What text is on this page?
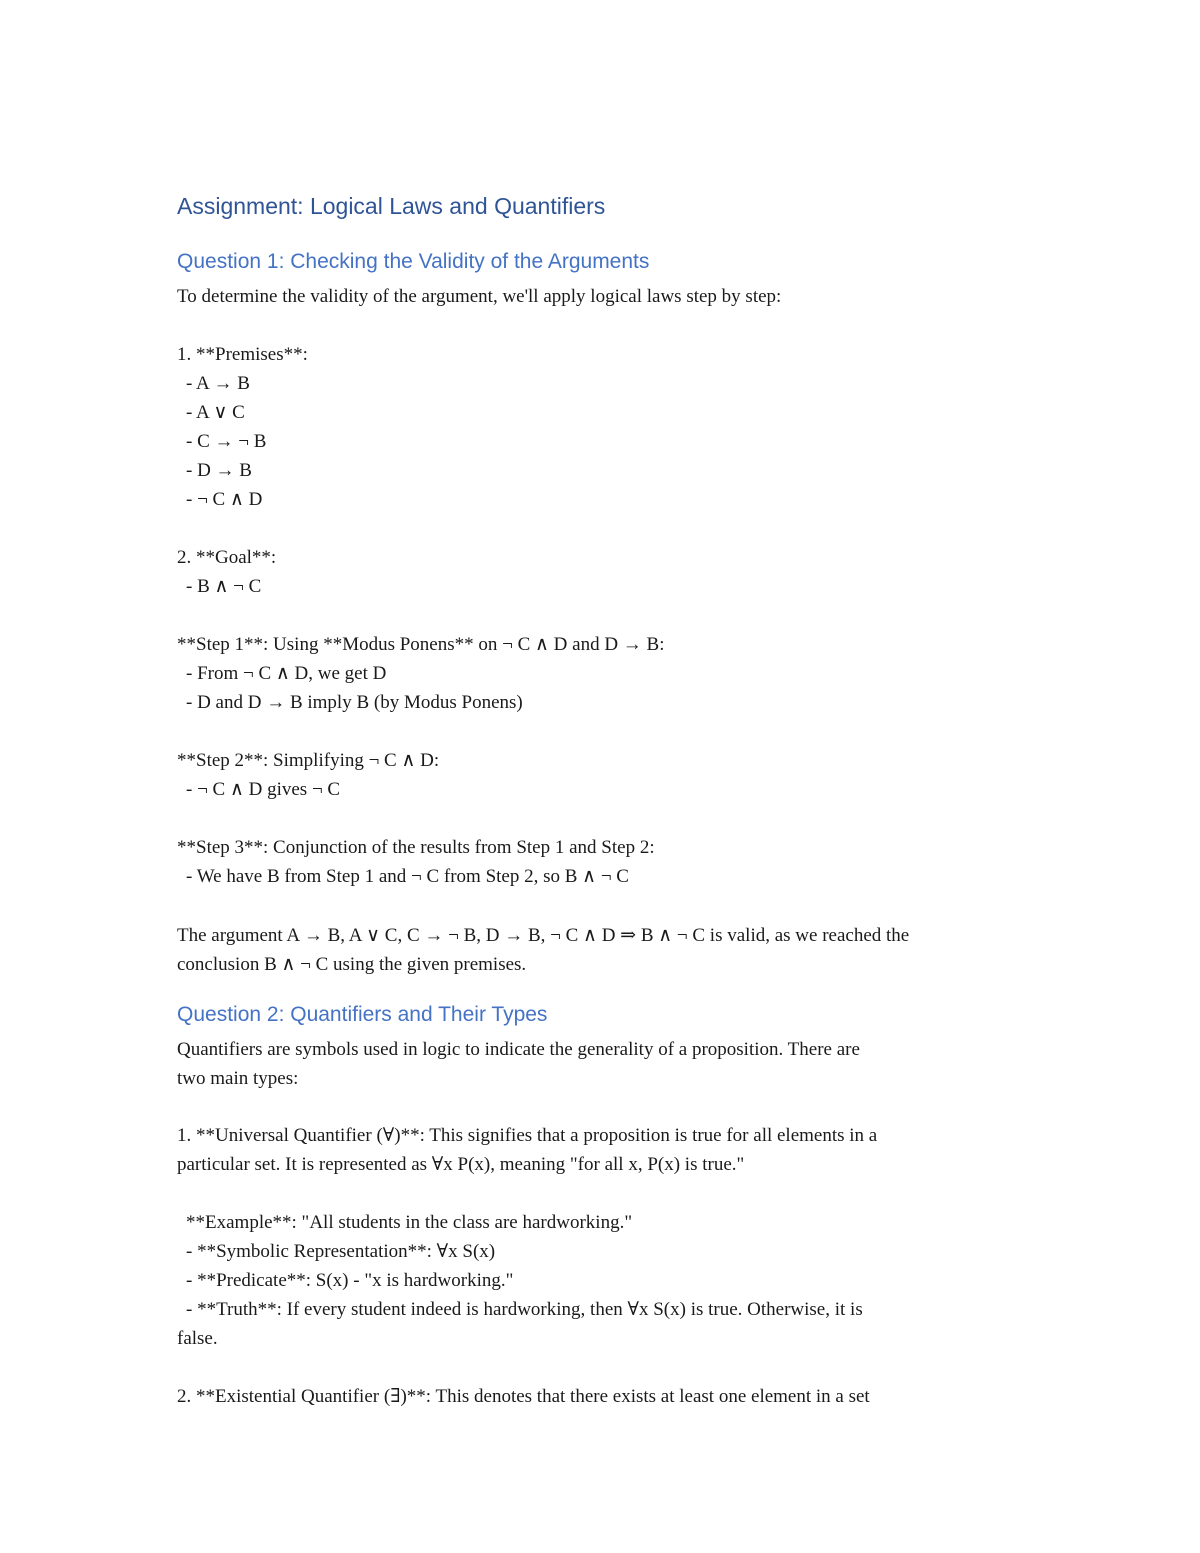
Assignment: Logical Laws and Quantifiers
Question 1: Checking the Validity of the Arguments
To determine the validity of the argument, we'll apply logical laws step by step:
1. **Premises**:
- A → B
- A ∨ C
- C → ¬ B
- D → B
- ¬ C ∧ D
2. **Goal**:
- B ∧ ¬ C
**Step 1**: Using **Modus Ponens** on ¬ C ∧ D and D → B:
- From ¬ C ∧ D, we get D
- D and D → B imply B (by Modus Ponens)
**Step 2**: Simplifying ¬ C ∧ D:
- ¬ C ∧ D gives ¬ C
**Step 3**: Conjunction of the results from Step 1 and Step 2:
- We have B from Step 1 and ¬ C from Step 2, so B ∧ ¬ C
The argument A → B, A ∨ C, C → ¬ B, D → B, ¬ C ∧ D ⇒ B ∧ ¬ C is valid, as we reached the
conclusion B ∧ ¬ C using the given premises.
Question 2: Quantifiers and Their Types
Quantifiers are symbols used in logic to indicate the generality of a proposition. There are
two main types:
1. **Universal Quantifier (∀)**: This signifies that a proposition is true for all elements in a
particular set. It is represented as ∀x P(x), meaning "for all x, P(x) is true."
**Example**: "All students in the class are hardworking."
- **Symbolic Representation**: ∀x S(x)
- **Predicate**: S(x) - "x is hardworking."
- **Truth**: If every student indeed is hardworking, then ∀x S(x) is true. Otherwise, it is
false.
2. **Existential Quantifier (∃)**: This denotes that there exists at least one element in a set
